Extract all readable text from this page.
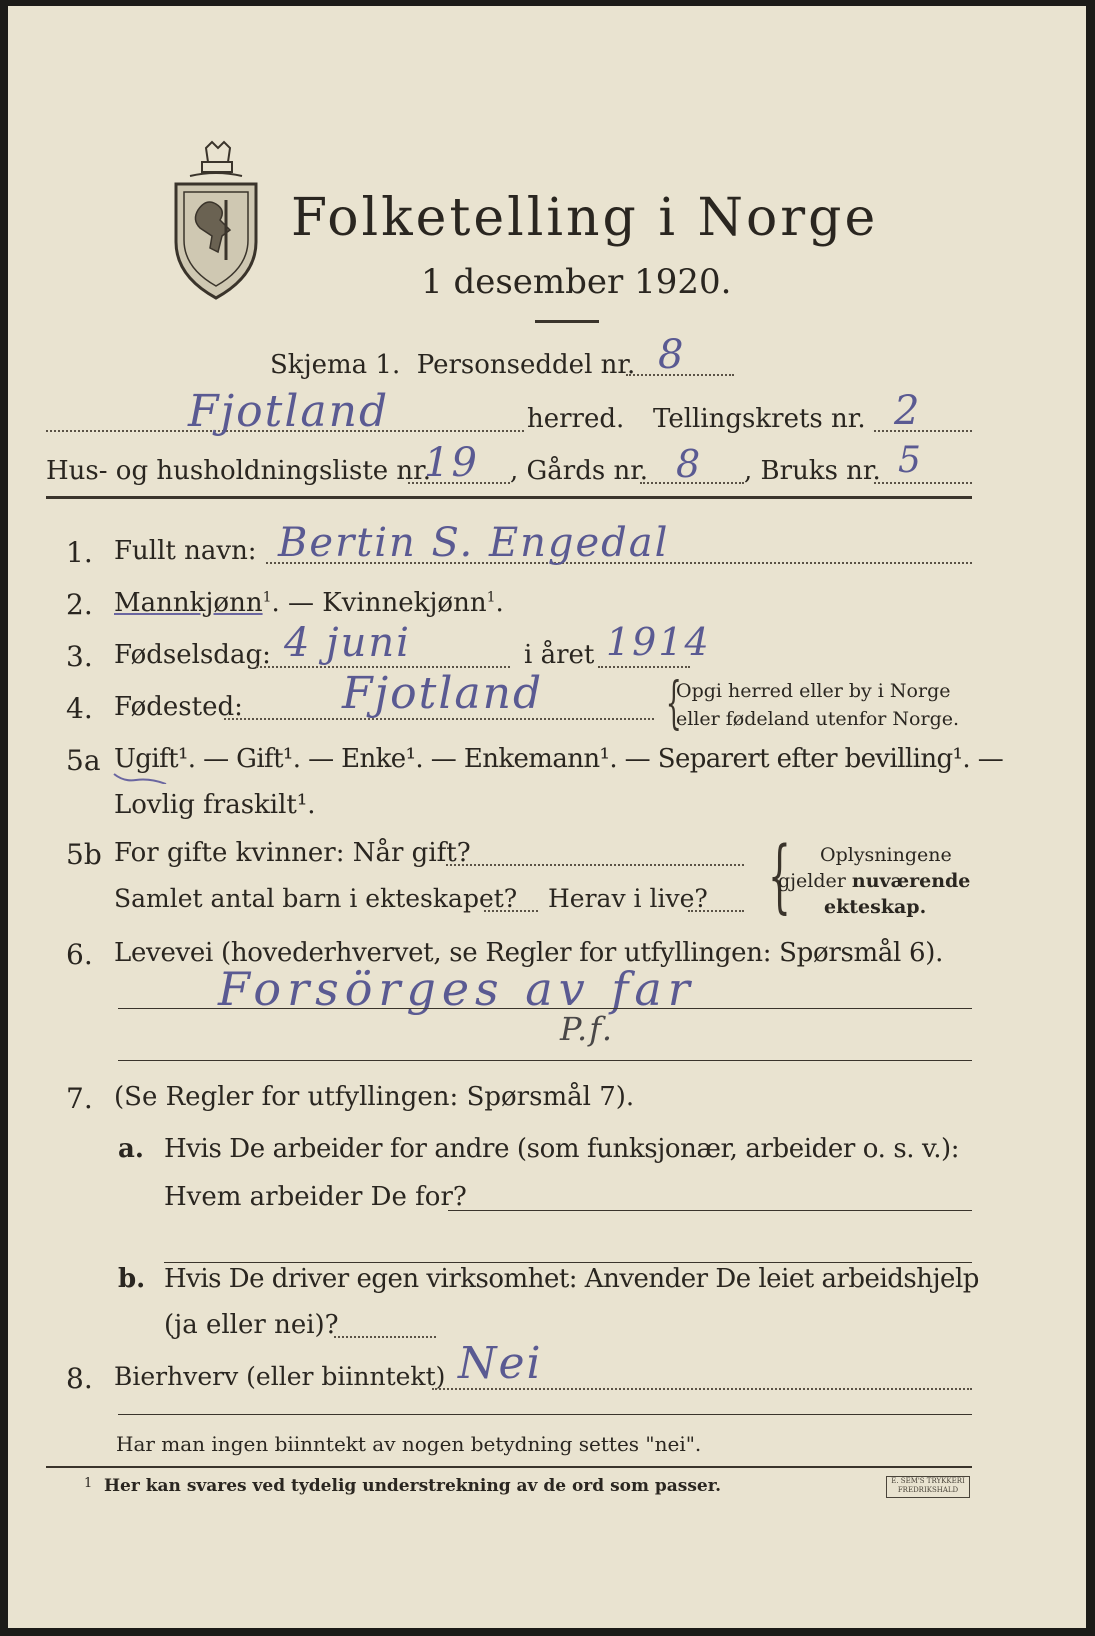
Folketelling i Norge
1 desember 1920.
Skjema 1. Personseddel nr. 8
Fjotland	herred. Tellingskrets nr. 2
Hus- og husholdningsliste nr.
19 , Gårds nr. 8 , Bruks nr. 5
1. Fullt navn: Bertin S. Engedal
2. Mannkjønn$^1$. — Kvinnekjønn$^1$.
3. Fødselsdag: 4 juni	i året 1914
4. Fødested: Fjotland {
Opgi herred eller by i Norge
eller fødeland utenfor Norge.
5a Ugift¹. — Gift¹. — Enke¹. — Enkemann¹. — Separert efter bevilling¹. —
Lovlig fraskilt¹.
5b For gifte kvinner: Når gift?
Samlet antal barn i ekteskapet? Herav i live? { Oplysningene
gjelder nuværende
ekteskap.
6. Levevei (hovederhvervet, se Regler for utfyllingen: Spørsmål 6).
Forsörges av far
P.f.
7. (Se Regler for utfyllingen: Spørsmål 7).
a. Hvis De arbeider for andre (som funksjonær, arbeider o. s. v.):
Hvem arbeider De for?
b. Hvis De driver egen virksomhet: Anvender De leiet arbeidshjelp
(ja eller nei)?
8. Bierhverv (eller biinntekt) Nei
Har man ingen biinntekt av nogen betydning settes "nei".
1 Her kan svares ved tydelig understrekning av de ord som passer.	E. SEM'S TRYKKERI
FREDRIKSHALD
